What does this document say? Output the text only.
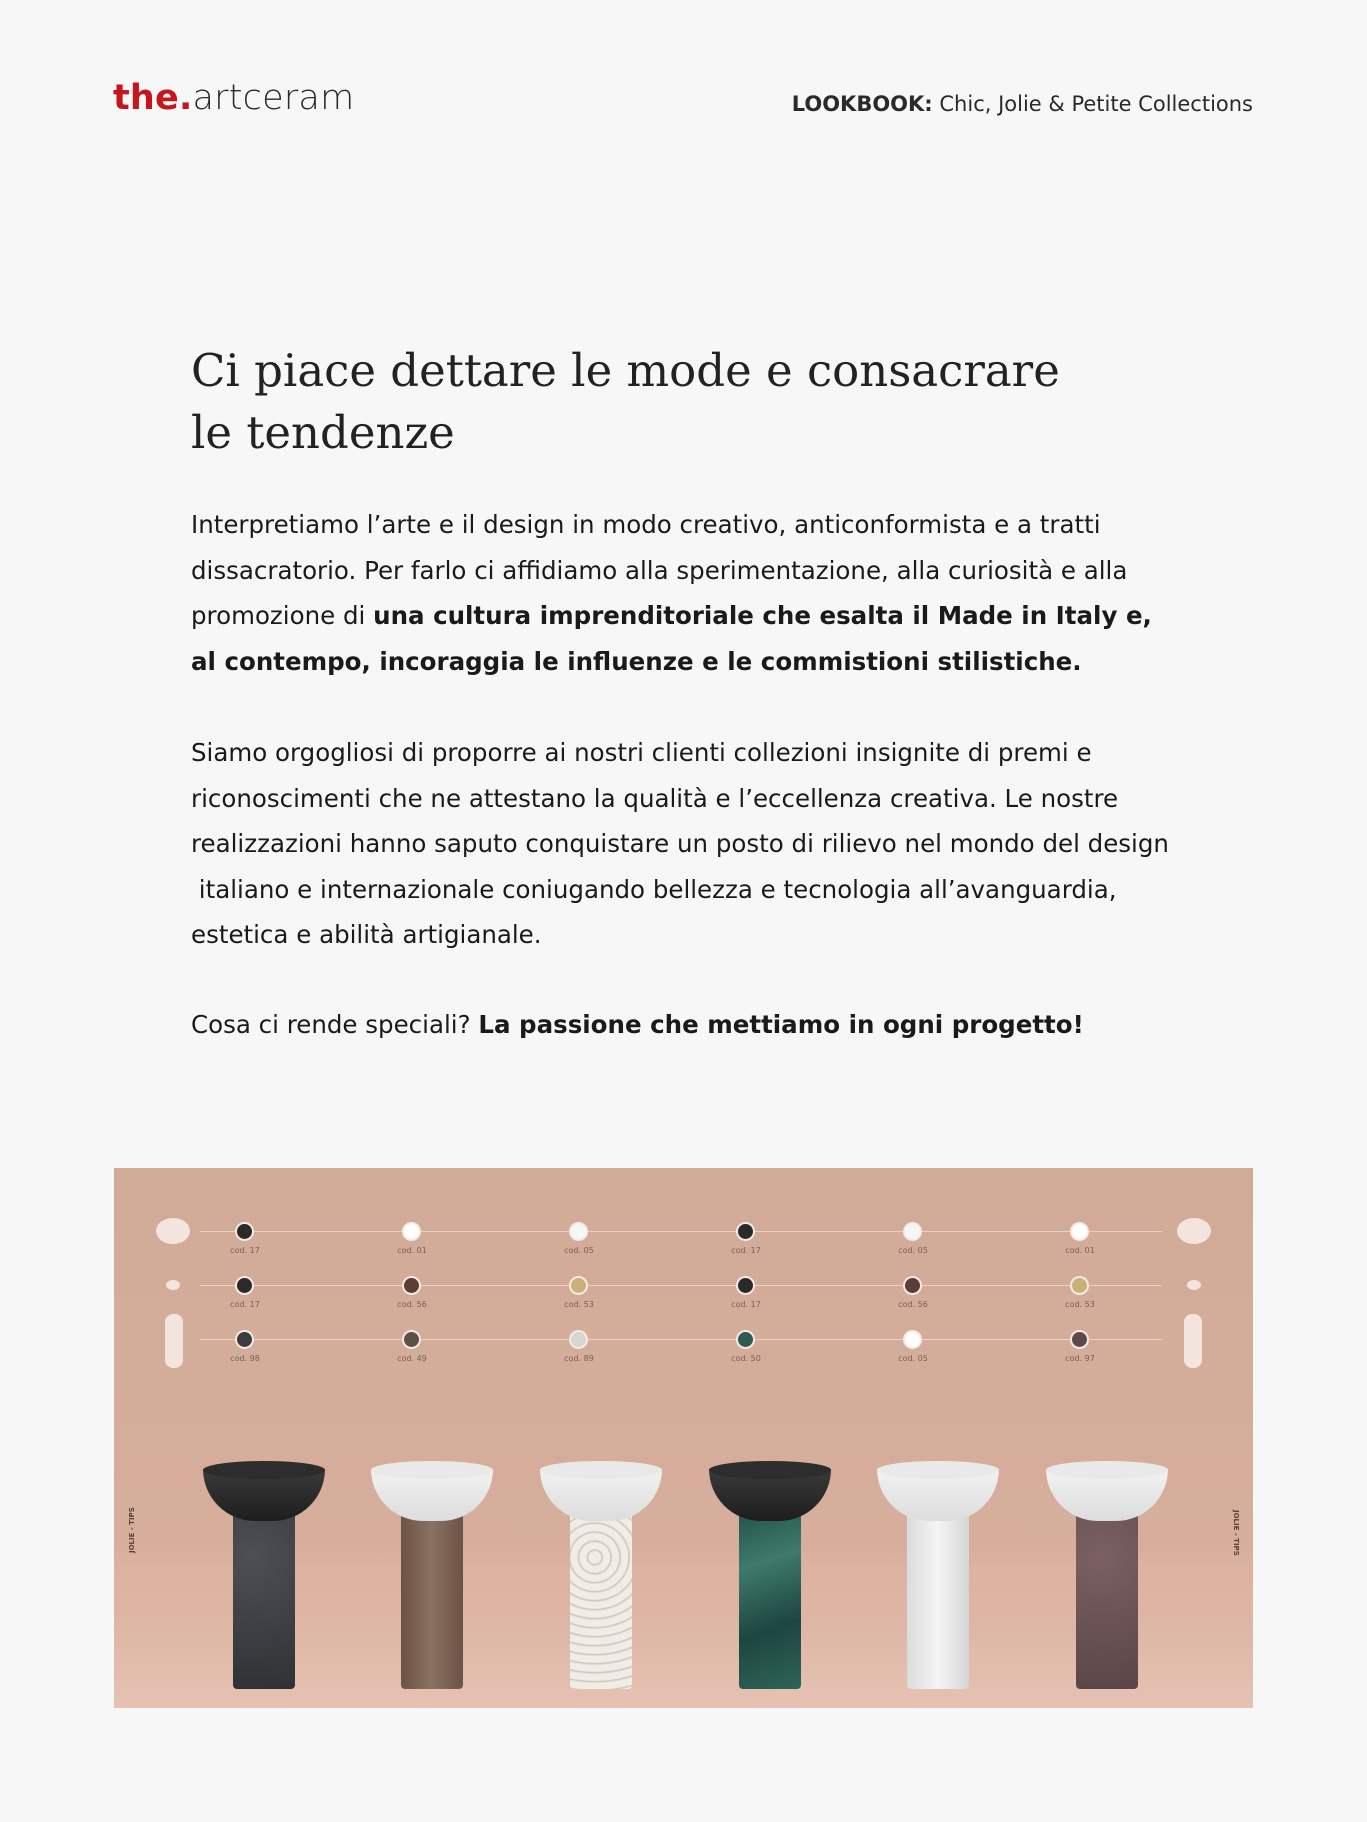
the.artceram	LOOKBOOK: Chic, Jolie & Petite Collections
Ci piace dettare le mode e consacrare
le tendenze

Interpretiamo l’arte e il design in modo creativo, anticonformista e a tratti
dissacratorio. Per farlo ci affidiamo alla sperimentazione, alla curiosità e alla
promozione di una cultura imprenditoriale che esalta il Made in Italy e,
al contempo, incoraggia le influenze e le commistioni stilistiche.

Siamo orgogliosi di proporre ai nostri clienti collezioni insignite di premi e
riconoscimenti che ne attestano la qualità e l’eccellenza creativa. Le nostre
realizzazioni hanno saputo conquistare un posto di rilievo nel mondo del design
italiano e internazionale coniugando bellezza e tecnologia all’avanguardia,
estetica e abilità artigianale.

Cosa ci rende speciali? La passione che mettiamo in ogni progetto!

JOLIE - TIPS	JOLIE - TIPS
cod. 17	cod. 01	cod. 05	cod. 17	cod. 05	cod. 01
cod. 17	cod. 56	cod. 53	cod. 17	cod. 56	cod. 53
cod. 98	cod. 49	cod. 89	cod. 50	cod. 05	cod. 97
